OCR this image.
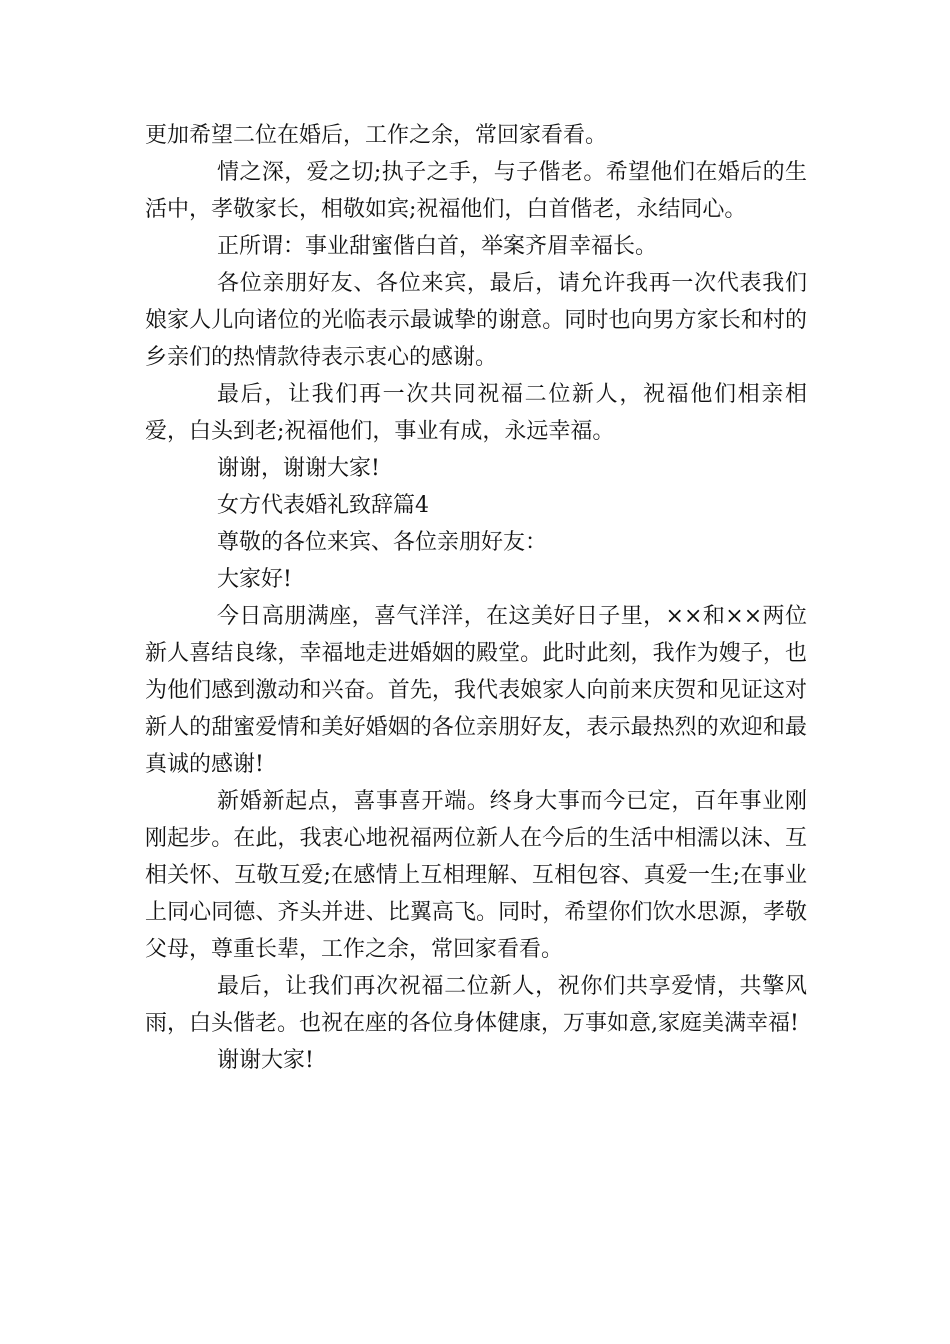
更加希望二位在婚后，工作之余，常回家看看。

情之深，爱之切;执子之手，与子偕老。希望他们在婚后的生活中，孝敬家长，相敬如宾;祝福他们，白首偕老，永结同心。

正所谓：事业甜蜜偕白首，举案齐眉幸福长。

各位亲朋好友、各位来宾，最后，请允许我再一次代表我们娘家人儿向诸位的光临表示最诚挚的谢意。同时也向男方家长和村的乡亲们的热情款待表示衷心的感谢。

最后，让我们再一次共同祝福二位新人，祝福他们相亲相爱，白头到老;祝福他们，事业有成，永远幸福。

谢谢，谢谢大家!

女方代表婚礼致辞篇4

尊敬的各位来宾、各位亲朋好友：

大家好!

今日高朋满座，喜气洋洋，在这美好日子里，××和××两位新人喜结良缘，幸福地走进婚姻的殿堂。此时此刻，我作为嫂子，也为他们感到激动和兴奋。首先，我代表娘家人向前来庆贺和见证这对新人的甜蜜爱情和美好婚姻的各位亲朋好友，表示最热烈的欢迎和最真诚的感谢!

新婚新起点，喜事喜开端。终身大事而今已定，百年事业刚刚起步。在此，我衷心地祝福两位新人在今后的生活中相濡以沫、互相关怀、互敬互爱;在感情上互相理解、互相包容、真爱一生;在事业上同心同德、齐头并进、比翼高飞。同时，希望你们饮水思源，孝敬父母，尊重长辈，工作之余，常回家看看。

最后，让我们再次祝福二位新人，祝你们共享爱情，共擎风雨，白头偕老。也祝在座的各位身体健康，万事如意,家庭美满幸福!

谢谢大家!
